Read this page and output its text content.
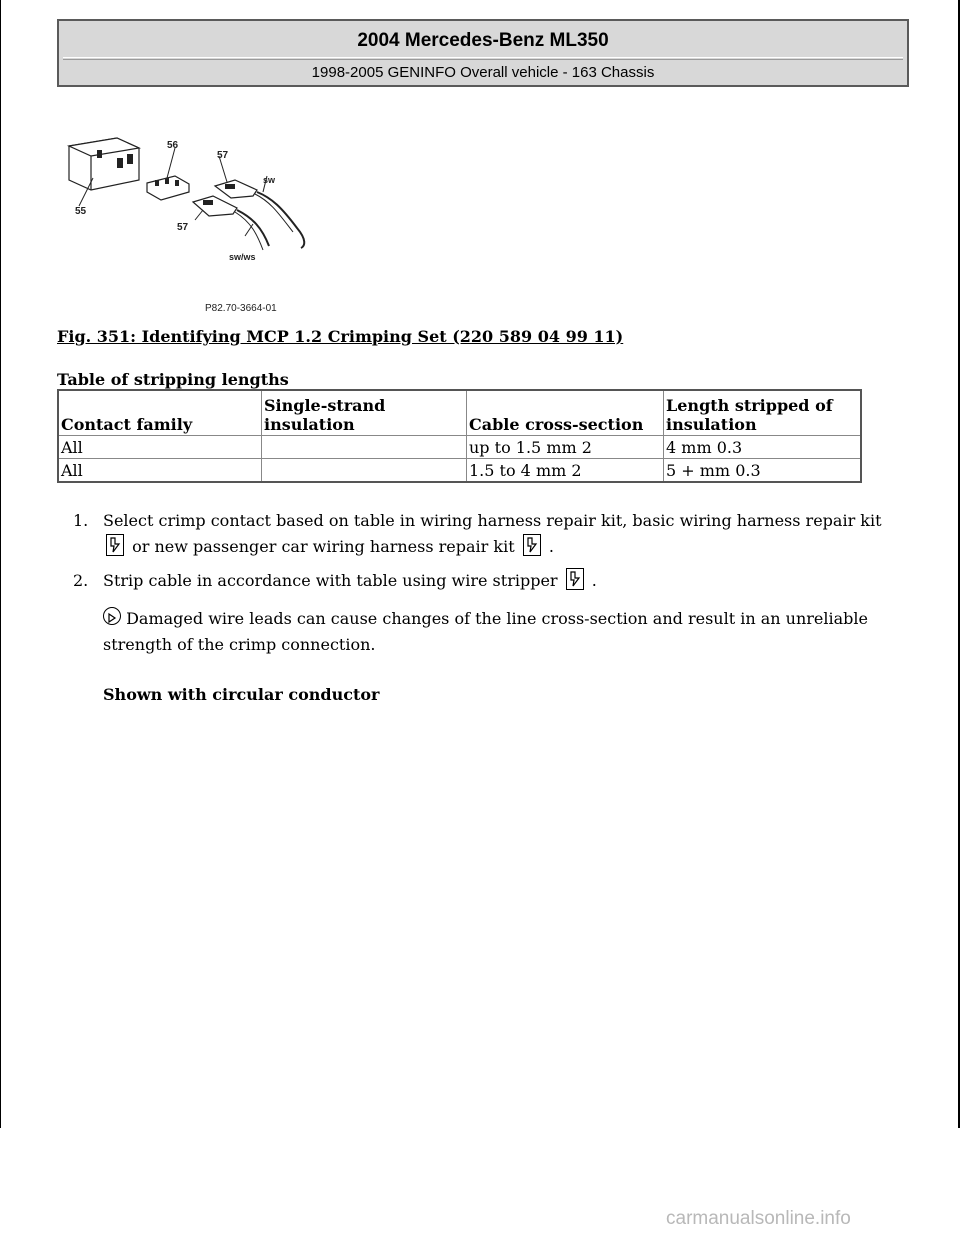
2004 Mercedes-Benz ML350
1998-2005 GENINFO Overall vehicle - 163 Chassis
56
57
sw
55
57
sw/ws
P82.70-3664-01
Fig. 351: Identifying MCP 1.2 Crimping Set (220 589 04 99 11)
Table of stripping lengths
Contact family	Single-strand insulation	Cable cross-section	Length stripped of insulation
All		up to 1.5 mm 2	4 mm 0.3
All		1.5 to 4 mm 2	5 + mm 0.3
1. Select crimp contact based on table in wiring harness repair kit, basic wiring harness repair kit  or new passenger car wiring harness repair kit .
2. Strip cable in accordance with table using wire stripper .
Damaged wire leads can cause changes of the line cross-section and result in an unreliable strength of the crimp connection.
Shown with circular conductor
carmanualsonline.info
